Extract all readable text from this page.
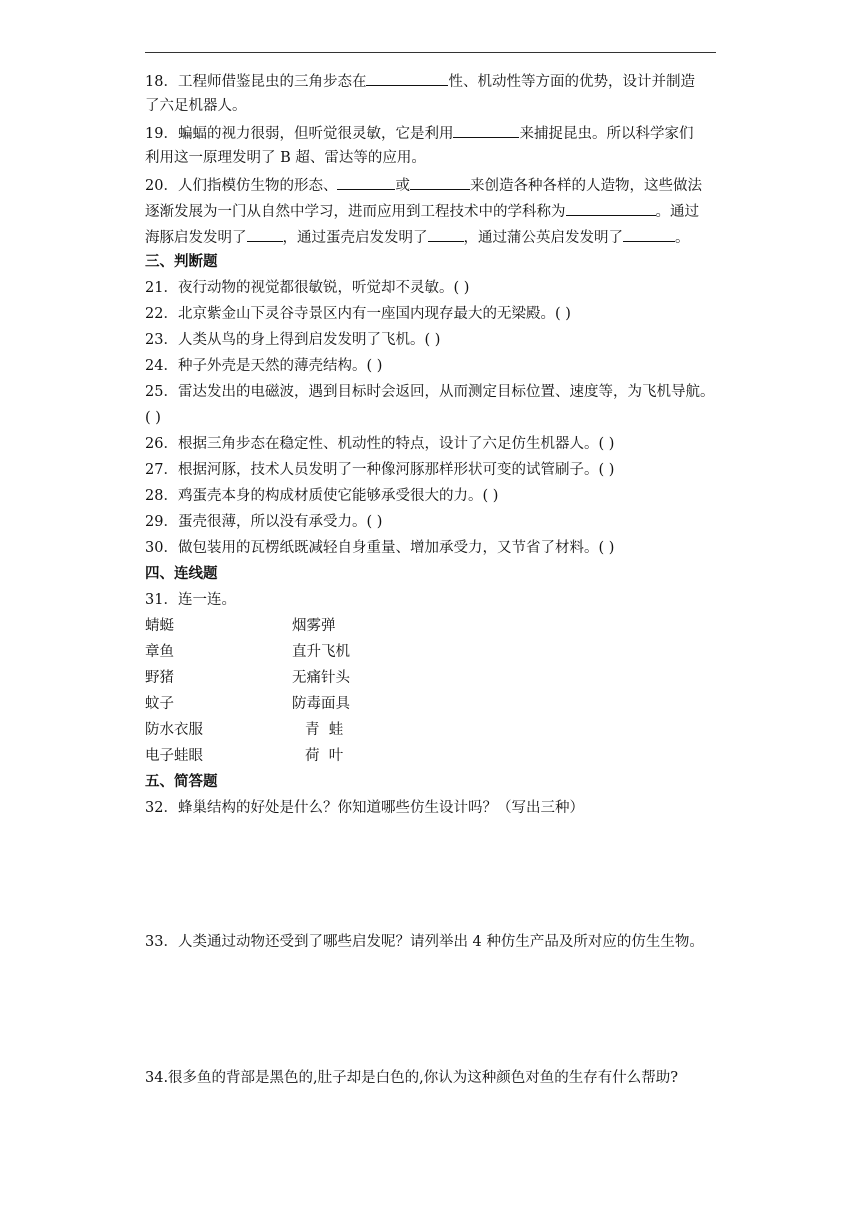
18．工程师借鉴昆虫的三角步态在	性、机动性等方面的优势，设计并制造
了六足机器人。
19．蝙蝠的视力很弱，但听觉很灵敏，它是利用	来捕捉昆虫。所以科学家们
利用这一原理发明了 B 超、雷达等的应用。
20．人们指模仿生物的形态、	或	来创造各种各样的人造物，这些做法
逐渐发展为一门从自然中学习，进而应用到工程技术中的学科称为	。通过
海豚启发发明了 ，通过蛋壳启发发明了 ，通过蒲公英启发发明了	。
三、判断题
21．夜行动物的视觉都很敏锐，听觉却不灵敏。( )
22．北京紫金山下灵谷寺景区内有一座国内现存最大的无梁殿。( )
23．人类从鸟的身上得到启发发明了飞机。( )
24．种子外壳是天然的薄壳结构。( )
25．雷达发出的电磁波，遇到目标时会返回，从而测定目标位置、速度等，为飞机导航。
( )
26．根据三角步态在稳定性、机动性的特点，设计了六足仿生机器人。( )
27．根据河豚，技术人员发明了一种像河豚那样形状可变的试管刷子。( )
28．鸡蛋壳本身的构成材质使它能够承受很大的力。( )
29．蛋壳很薄，所以没有承受力。( )
30．做包装用的瓦楞纸既减轻自身重量、增加承受力，又节省了材料。( )
四、连线题
31．连一连。
蜻蜓	烟雾弹
章鱼	直升飞机
野猪	无痛针头
蚊子	防毒面具
防水衣服	青  蛙
电子蛙眼	荷  叶
五、简答题
32．蜂巢结构的好处是什么？你知道哪些仿生设计吗？（写出三种）
33．人类通过动物还受到了哪些启发呢？请列举出 4 种仿生产品及所对应的仿生生物。
34.很多鱼的背部是黑色的,肚子却是白色的,你认为这种颜色对鱼的生存有什么帮助?
